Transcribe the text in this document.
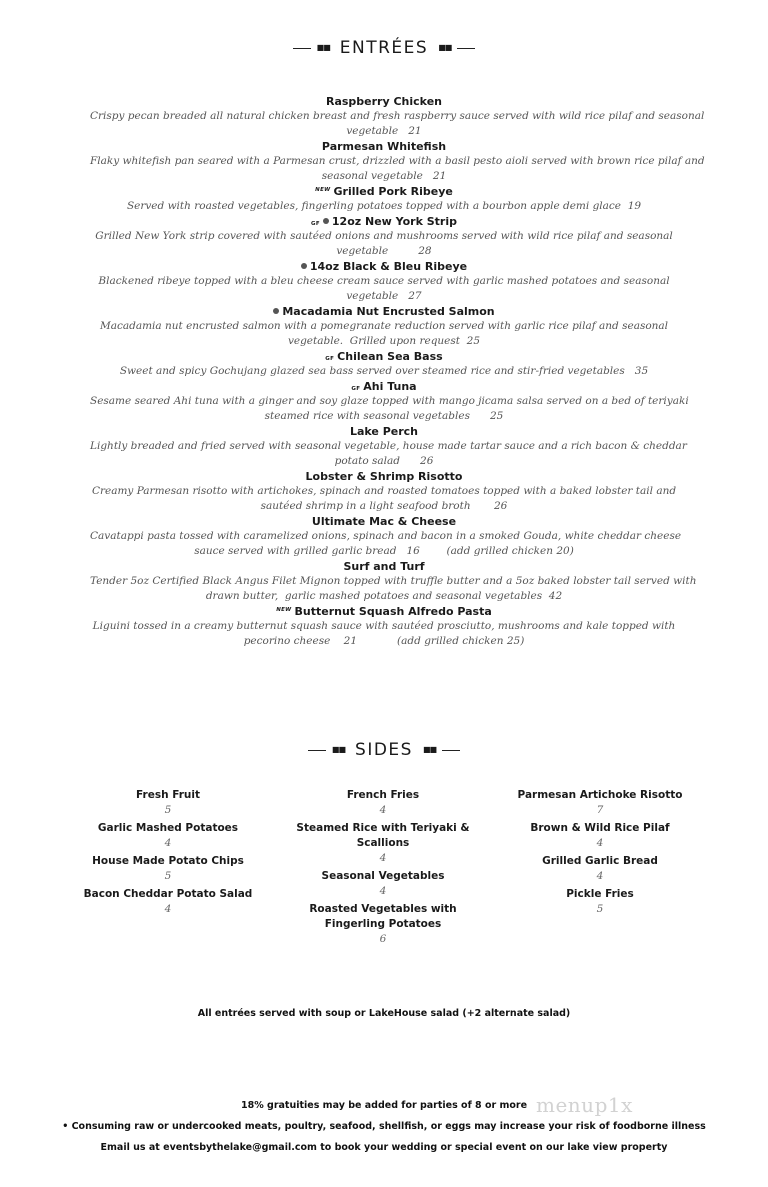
■■ ENTRÉES ■■
Raspberry Chicken
Crispy pecan breaded all natural chicken breast and fresh raspberry sauce served with wild rice pilaf and seasonal
vegetable   21
Parmesan Whitefish
Flaky whitefish pan seared with a Parmesan crust, drizzled with a basil pesto aioli served with brown rice pilaf and
seasonal vegetable   21
NEW Grilled Pork Ribeye
Served with roasted vegetables, fingerling potatoes topped with a bourbon apple demi glace  19
GF 12oz New York Strip
Grilled New York strip covered with sautéed onions and mushrooms served with wild rice pilaf and seasonal
vegetable         28
14oz Black & Bleu Ribeye
Blackened ribeye topped with a bleu cheese cream sauce served with garlic mashed potatoes and seasonal
vegetable   27
Macadamia Nut Encrusted Salmon
Macadamia nut encrusted salmon with a pomegranate reduction served with garlic rice pilaf and seasonal
vegetable.  Grilled upon request  25
GF Chilean Sea Bass
Sweet and spicy Gochujang glazed sea bass served over steamed rice and stir-fried vegetables   35
GF Ahi Tuna
Sesame seared Ahi tuna with a ginger and soy glaze topped with mango jicama salsa served on a bed of teriyaki
steamed rice with seasonal vegetables      25
Lake Perch
Lightly breaded and fried served with seasonal vegetable, house made tartar sauce and a rich bacon & cheddar
potato salad      26
Lobster & Shrimp Risotto
Creamy Parmesan risotto with artichokes, spinach and roasted tomatoes topped with a baked lobster tail and
sautéed shrimp in a light seafood broth       26
Ultimate Mac & Cheese
Cavatappi pasta tossed with caramelized onions, spinach and bacon in a smoked Gouda, white cheddar cheese
sauce served with grilled garlic bread   16        (add grilled chicken 20)
Surf and Turf
Tender 5oz Certified Black Angus Filet Mignon topped with truffle butter and a 5oz baked lobster tail served with
drawn butter,  garlic mashed potatoes and seasonal vegetables  42
NEW Butternut Squash Alfredo Pasta
Liguini tossed in a creamy butternut squash sauce with sautéed prosciutto, mushrooms and kale topped with
pecorino cheese    21            (add grilled chicken 25)
■■ SIDES ■■
Fresh Fruit
5
Garlic Mashed Potatoes
4
House Made Potato Chips
5
Bacon Cheddar Potato Salad
4
French Fries
4
Steamed Rice with Teriyaki & Scallions
4
Seasonal Vegetables
4
Roasted Vegetables with Fingerling Potatoes
6
Parmesan Artichoke Risotto
7
Brown & Wild Rice Pilaf
4
Grilled Garlic Bread
4
Pickle Fries
5
All entrées served with soup or LakeHouse salad (+2 alternate salad)
18% gratuities may be added for parties of 8 or more
• Consuming raw or undercooked meats, poultry, seafood, shellfish, or eggs may increase your risk of foodborne illness
Email us at eventsbythelake@gmail.com to book your wedding or special event on our lake view property
menup1x
